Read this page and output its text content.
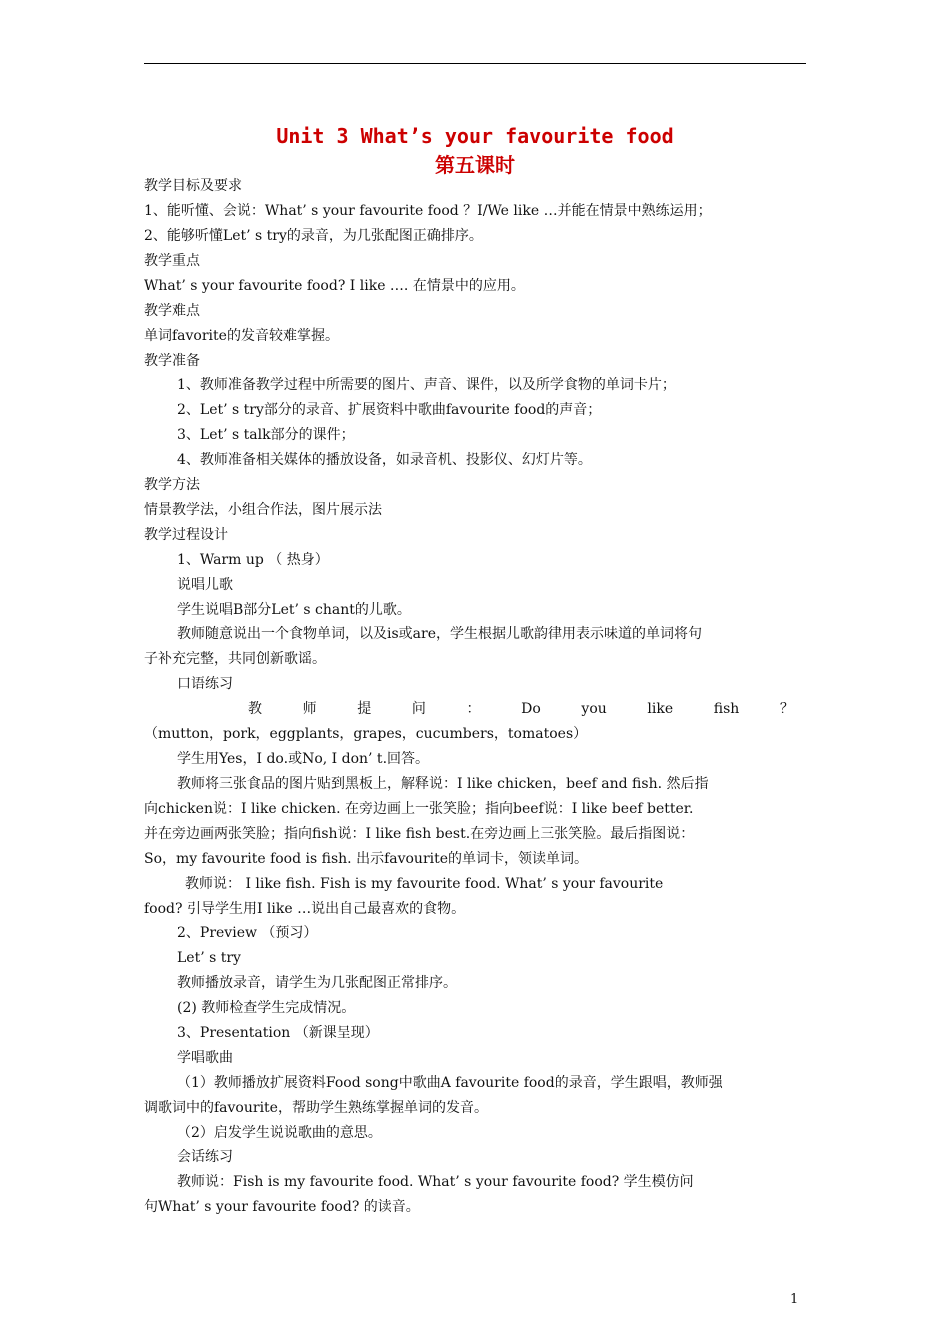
Unit 3 What’s your favourite food
第五课时
教学目标及要求
1、能听懂、会说：What’ s your favourite food ？I/We like …并能在情景中熟练运用；
2、能够听懂Let’ s try的录音，为几张配图正确排序。
教学重点
What’ s your favourite food? I like …. 在情景中的应用。
教学难点
单词favorite的发音较难掌握。
教学准备
1、教师准备教学过程中所需要的图片、声音、课件，以及所学食物的单词卡片；
2、Let’ s try部分的录音、扩展资料中歌曲favourite food的声音；
3、Let’ s talk部分的课件；
4、教师准备相关媒体的播放设备，如录音机、投影仪、幻灯片等。
教学方法
情景教学法，小组合作法，图片展示法
教学过程设计
1、Warm up （ 热身）
说唱儿歌
学生说唱B部分Let’ s chant的儿歌。
教师随意说出一个食物单词，以及is或are，学生根据儿歌韵律用表示味道的单词将句
子补充完整，共同创新歌谣。
口语练习
教	师	提	问	：	Do	you	like	fish	？
（mutton，pork，eggplants，grapes，cucumbers，tomatoes）
学生用Yes，I do.或No, I don’ t.回答。
教师将三张食品的图片贴到黑板上，解释说：I like chicken，beef and fish. 然后指
向chicken说：I like chicken. 在旁边画上一张笑脸；指向beef说：I like beef better.
并在旁边画两张笑脸；指向fish说：I like fish best.在旁边画上三张笑脸。最后指图说：
So，my favourite food is fish. 出示favourite的单词卡，领读单词。
教师说： I like fish. Fish is my favourite food. What’ s your favourite
food? 引导学生用I like …说出自己最喜欢的食物。
2、Preview （预习）
Let’ s try
教师播放录音，请学生为几张配图正常排序。
(2) 教师检查学生完成情况。
3、Presentation （新课呈现）
学唱歌曲
（1）教师播放扩展资料Food song中歌曲A favourite food的录音，学生跟唱，教师强
调歌词中的favourite，帮助学生熟练掌握单词的发音。
（2）启发学生说说歌曲的意思。
会话练习
教师说：Fish is my favourite food. What’ s your favourite food? 学生模仿问
句What’ s your favourite food? 的读音。
1
